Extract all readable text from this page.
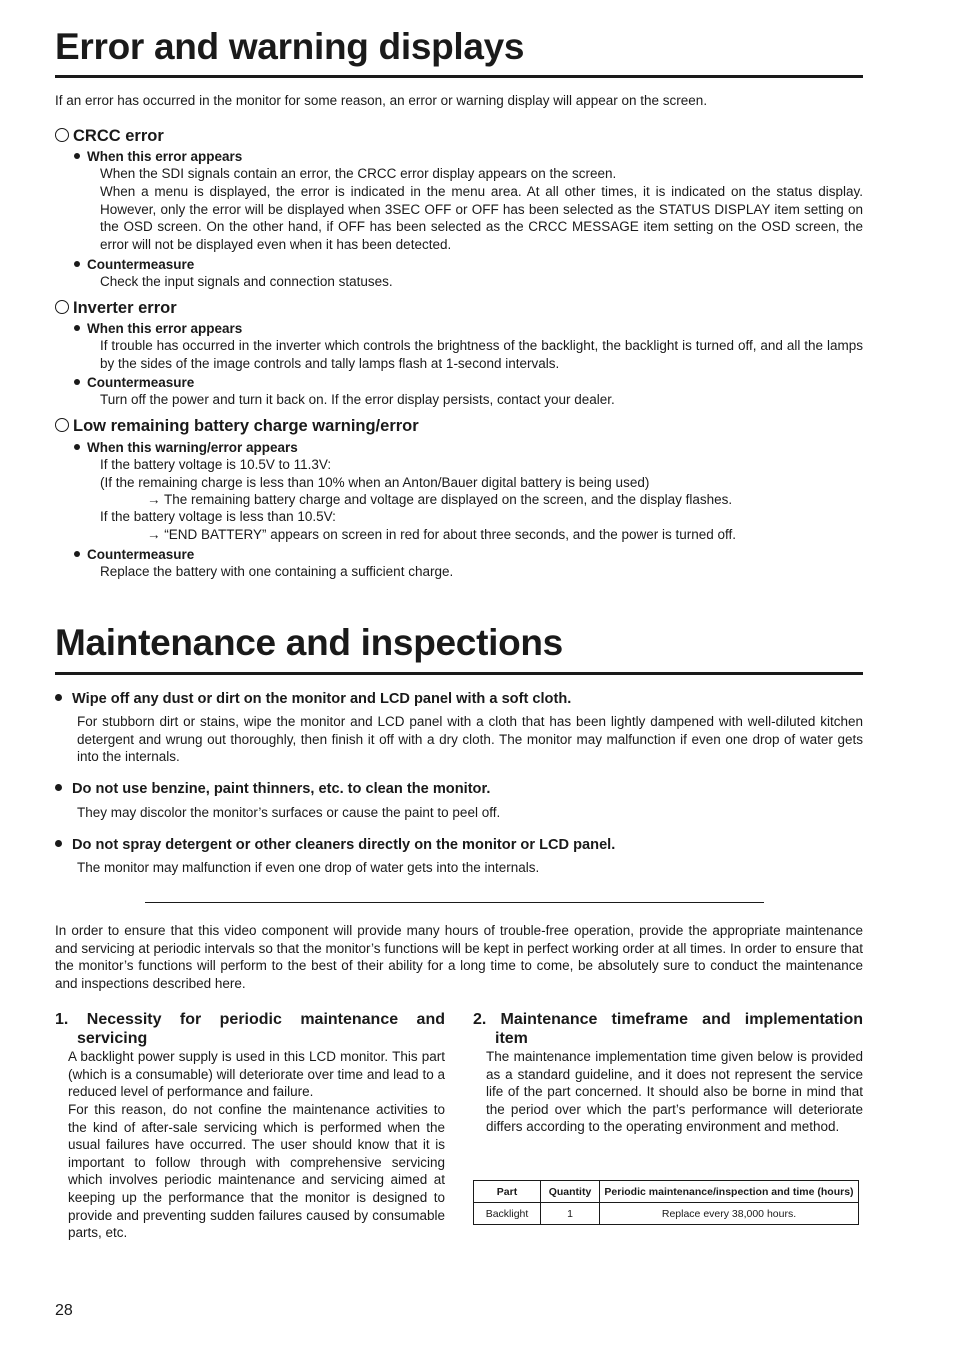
Error and warning displays

If an error has occurred in the monitor for some reason, an error or warning display will appear on the screen.

CRCC error
When this error appears

When the SDI signals contain an error, the CRCC error display appears on the screen.

When a menu is displayed, the error is indicated in the menu area. At all other times, it is indicated on the status display. However, only the error will be displayed when 3SEC OFF or OFF has been selected as the STATUS DISPLAY item setting on the OSD screen. On the other hand, if OFF has been selected as the CRCC MESSAGE item setting on the OSD screen, the error will not be displayed even when it has been detected.

Countermeasure

Check the input signals and connection statuses.

Inverter error
When this error appears

If trouble has occurred in the inverter which controls the brightness of the backlight, the backlight is turned off, and all the lamps by the sides of the image controls and tally lamps flash at 1-second intervals.

Countermeasure

Turn off the power and turn it back on. If the error display persists, contact your dealer.

Low remaining battery charge warning/error
When this warning/error appears

If the battery voltage is 10.5V to 11.3V:

(If the remaining charge is less than 10% when an Anton/Bauer digital battery is being used)

→ The remaining battery charge and voltage are displayed on the screen, and the display flashes.

If the battery voltage is less than 10.5V:

→ “END BATTERY” appears on screen in red for about three seconds, and the power is turned off.

Countermeasure

Replace the battery with one containing a sufficient charge.

Maintenance and inspections
Wipe off any dust or dirt on the monitor and LCD panel with a soft cloth.

For stubborn dirt or stains, wipe the monitor and LCD panel with a cloth that has been lightly dampened with well-diluted kitchen detergent and wrung out thoroughly, then finish it off with a dry cloth. The monitor may malfunction if even one drop of water gets into the internals.

Do not use benzine, paint thinners, etc. to clean the monitor.

They may discolor the monitor’s surfaces or cause the paint to peel off.

Do not spray detergent or other cleaners directly on the monitor or LCD panel.

The monitor may malfunction if even one drop of water gets into the internals.

In order to ensure that this video component will provide many hours of trouble-free operation, provide the appropriate maintenance and servicing at periodic intervals so that the monitor’s functions will be kept in perfect working order at all times. In order to ensure that the monitor’s functions will perform to the best of their ability for a long time to come, be absolutely sure to conduct the maintenance and inspections described here.

1. Necessity for periodic maintenance and
servicing

A backlight power supply is used in this LCD monitor. This part (which is a consumable) will deteriorate over time and lead to a reduced level of performance and failure.

For this reason, do not confine the maintenance activities to the kind of after-sale servicing which is performed when the usual failures have occurred. The user should know that it is important to follow through with comprehensive servicing which involves periodic maintenance and servicing aimed at keeping up the performance that the monitor is designed to provide and preventing sudden failures caused by consumable parts, etc.

2. Maintenance timeframe and implementation
item

The maintenance implementation time given below is provided as a standard guideline, and it does not represent the service life of the part concerned. It should also be borne in mind that the period over which the part’s performance will deteriorate differs according to the operating environment and method.

Part	Quantity	Periodic maintenance/inspection and time (hours)
Backlight	1	Replace every 38,000 hours.
28
